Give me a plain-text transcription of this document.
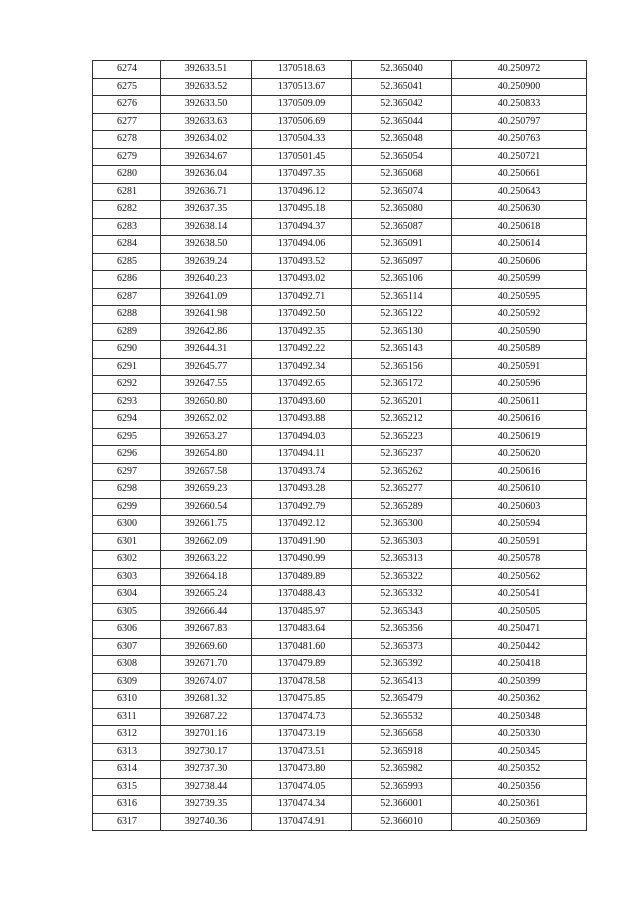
6274	392633.51	1370518.63	52.365040	40.250972
6275	392633.52	1370513.67	52.365041	40.250900
6276	392633.50	1370509.09	52.365042	40.250833
6277	392633.63	1370506.69	52.365044	40.250797
6278	392634.02	1370504.33	52.365048	40.250763
6279	392634.67	1370501.45	52.365054	40.250721
6280	392636.04	1370497.35	52.365068	40.250661
6281	392636.71	1370496.12	52.365074	40.250643
6282	392637.35	1370495.18	52.365080	40.250630
6283	392638.14	1370494.37	52.365087	40.250618
6284	392638.50	1370494.06	52.365091	40.250614
6285	392639.24	1370493.52	52.365097	40.250606
6286	392640.23	1370493.02	52.365106	40.250599
6287	392641.09	1370492.71	52.365114	40.250595
6288	392641.98	1370492.50	52.365122	40.250592
6289	392642.86	1370492.35	52.365130	40.250590
6290	392644.31	1370492.22	52.365143	40.250589
6291	392645.77	1370492.34	52.365156	40.250591
6292	392647.55	1370492.65	52.365172	40.250596
6293	392650.80	1370493.60	52.365201	40.250611
6294	392652.02	1370493.88	52.365212	40.250616
6295	392653.27	1370494.03	52.365223	40.250619
6296	392654.80	1370494.11	52.365237	40.250620
6297	392657.58	1370493.74	52.365262	40.250616
6298	392659.23	1370493.28	52.365277	40.250610
6299	392660.54	1370492.79	52.365289	40.250603
6300	392661.75	1370492.12	52.365300	40.250594
6301	392662.09	1370491.90	52.365303	40.250591
6302	392663.22	1370490.99	52.365313	40.250578
6303	392664.18	1370489.89	52.365322	40.250562
6304	392665.24	1370488.43	52.365332	40.250541
6305	392666.44	1370485.97	52.365343	40.250505
6306	392667.83	1370483.64	52.365356	40.250471
6307	392669.60	1370481.60	52.365373	40.250442
6308	392671.70	1370479.89	52.365392	40.250418
6309	392674.07	1370478.58	52.365413	40.250399
6310	392681.32	1370475.85	52.365479	40.250362
6311	392687.22	1370474.73	52.365532	40.250348
6312	392701.16	1370473.19	52.365658	40.250330
6313	392730.17	1370473.51	52.365918	40.250345
6314	392737.30	1370473.80	52.365982	40.250352
6315	392738.44	1370474.05	52.365993	40.250356
6316	392739.35	1370474.34	52.366001	40.250361
6317	392740.36	1370474.91	52.366010	40.250369
